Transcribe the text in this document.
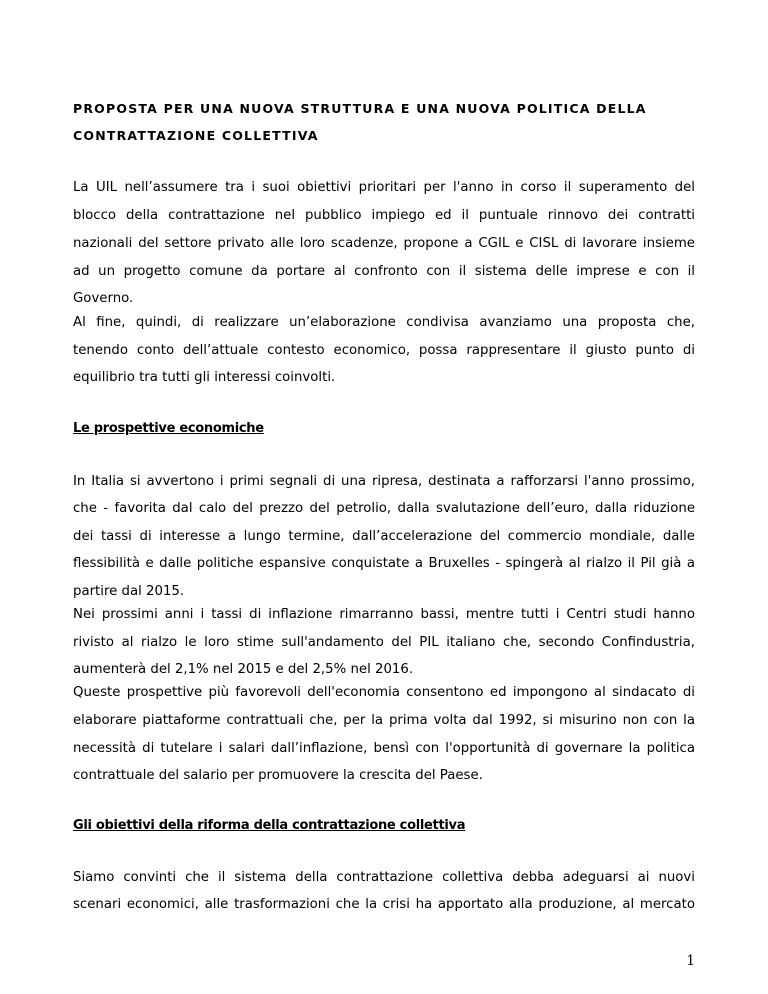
PROPOSTA PER UNA NUOVA STRUTTURA E UNA NUOVA POLITICA DELLA
CONTRATTAZIONE COLLETTIVA
La UIL nell’assumere tra i suoi obiettivi prioritari per l'anno in corso il superamento del
blocco della contrattazione nel pubblico impiego ed il puntuale rinnovo dei contratti
nazionali del settore privato alle loro scadenze, propone a CGIL e CISL di lavorare insieme
ad un progetto comune da portare al confronto con il sistema delle imprese e con il
Governo.
Al fine, quindi, di realizzare un’elaborazione condivisa avanziamo una proposta che,
tenendo conto dell’attuale contesto economico, possa rappresentare il giusto punto di
equilibrio tra tutti gli interessi coinvolti.
Le prospettive economiche
In Italia si avvertono i primi segnali di una ripresa, destinata a rafforzarsi l'anno prossimo,
che - favorita dal calo del prezzo del petrolio, dalla svalutazione dell’euro, dalla riduzione
dei tassi di interesse a lungo termine, dall’accelerazione del commercio mondiale, dalle
flessibilità e dalle politiche espansive conquistate a Bruxelles - spingerà al rialzo il Pil già a
partire dal 2015.
Nei prossimi anni i tassi di inflazione rimarranno bassi, mentre tutti i Centri studi hanno
rivisto al rialzo le loro stime sull'andamento del PIL italiano che, secondo Confindustria,
aumenterà del 2,1% nel 2015 e del 2,5% nel 2016.
Queste prospettive più favorevoli dell'economia consentono ed impongono al sindacato di
elaborare piattaforme contrattuali che, per la prima volta dal 1992, si misurino non con la
necessità di tutelare i salari dall’inflazione, bensì con l'opportunità di governare la politica
contrattuale del salario per promuovere la crescita del Paese.
Gli obiettivi della riforma della contrattazione collettiva
Siamo convinti che il sistema della contrattazione collettiva debba adeguarsi ai nuovi
scenari economici, alle trasformazioni che la crisi ha apportato alla produzione, al mercato
1
